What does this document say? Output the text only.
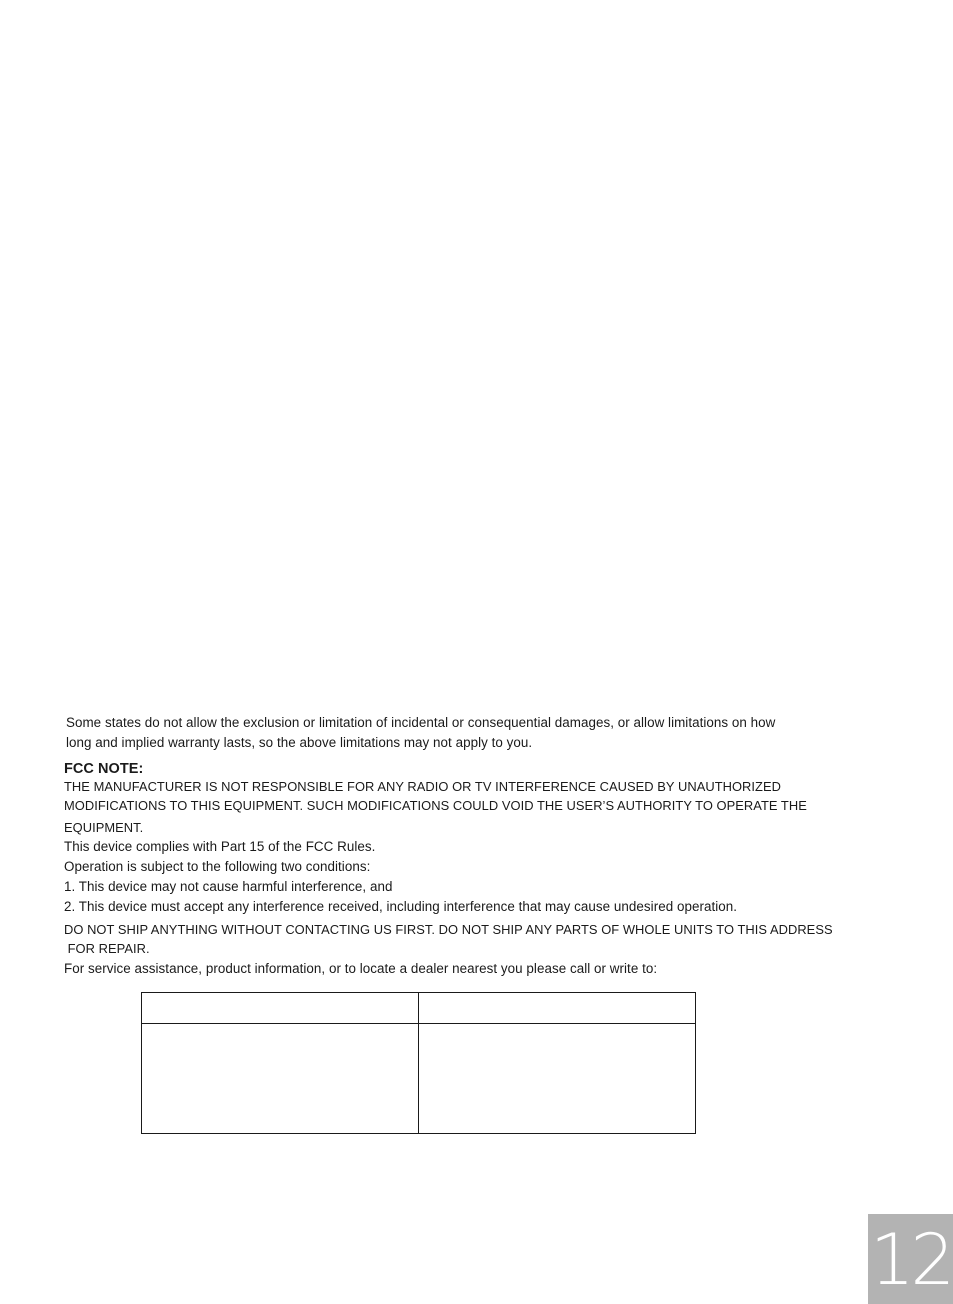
Some states do not allow the exclusion or limitation of incidental or consequential damages, or allow limitations on how
long and implied warranty lasts, so the above limitations may not apply to you.
FCC NOTE:
THE MANUFACTURER IS NOT RESPONSIBLE FOR ANY RADIO OR TV INTERFERENCE CAUSED BY UNAUTHORIZED
MODIFICATIONS TO THIS EQUIPMENT. SUCH MODIFICATIONS COULD VOID THE USER’S AUTHORITY TO OPERATE THE
EQUIPMENT.
This device complies with Part 15 of the FCC Rules.
Operation is subject to the following two conditions:
1. This device may not cause harmful interference, and
2. This device must accept any interference received, including interference that may cause undesired operation.
DO NOT SHIP ANYTHING WITHOUT CONTACTING US FIRST. DO NOT SHIP ANY PARTS OF WHOLE UNITS TO THIS ADDRESS
FOR REPAIR.
For service assistance, product information, or to locate a dealer nearest you please call or write to:

12
